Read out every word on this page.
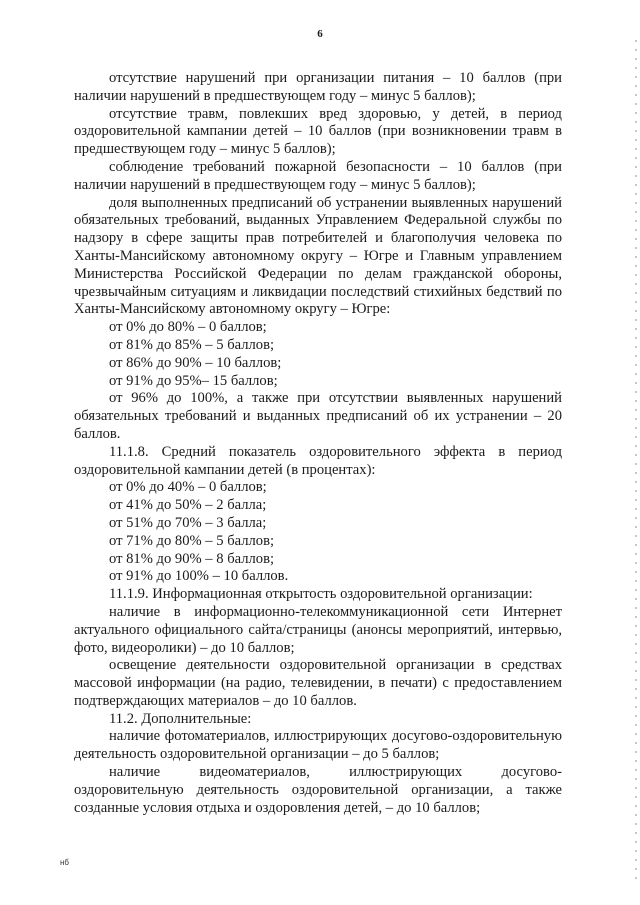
6

отсутствие нарушений при организации питания – 10 баллов (при наличии нарушений в предшествующем году – минус 5 баллов);

отсутствие травм, повлекших вред здоровью, у детей, в период оздоровительной кампании детей – 10 баллов (при возникновении травм в предшествующем году – минус 5 баллов);

соблюдение требований пожарной безопасности – 10 баллов (при наличии нарушений в предшествующем году – минус 5 баллов);

доля выполненных предписаний об устранении выявленных нарушений обязательных требований, выданных Управлением Федеральной службы по надзору в сфере защиты прав потребителей и благополучия человека по Ханты-Мансийскому автономному округу – Югре и Главным управлением Министерства Российской Федерации по делам гражданской обороны, чрезвычайным ситуациям и ликвидации последствий стихийных бедствий по Ханты-Мансийскому автономному округу – Югре:

от 0% до 80% – 0 баллов;

от 81% до 85% – 5 баллов;

от 86% до 90% – 10 баллов;

от 91% до 95%– 15 баллов;

от 96% до 100%, а также при отсутствии выявленных нарушений обязательных требований и выданных предписаний об их устранении – 20 баллов.

11.1.8. Средний показатель оздоровительного эффекта в период оздоровительной кампании детей (в процентах):

от 0% до 40% – 0 баллов;

от 41% до 50% – 2 балла;

от 51% до 70% – 3 балла;

от 71% до 80% – 5 баллов;

от 81% до 90% – 8 баллов;

от 91% до 100% – 10 баллов.

11.1.9. Информационная открытость оздоровительной организации:

наличие в информационно-телекоммуникационной сети Интернет актуального официального сайта/страницы (анонсы мероприятий, интервью, фото, видеоролики) – до 10 баллов;

освещение деятельности оздоровительной организации в средствах массовой информации (на радио, телевидении, в печати) с предоставлением подтверждающих материалов – до 10 баллов.

11.2. Дополнительные:

наличие фотоматериалов, иллюстрирующих досугово-оздоровительную деятельность оздоровительной организации – до 5 баллов;

наличие видеоматериалов, иллюстрирующих досугово-оздоровительную деятельность оздоровительной организации, а также созданные условия отдыха и оздоровления детей, – до 10 баллов;

нб
